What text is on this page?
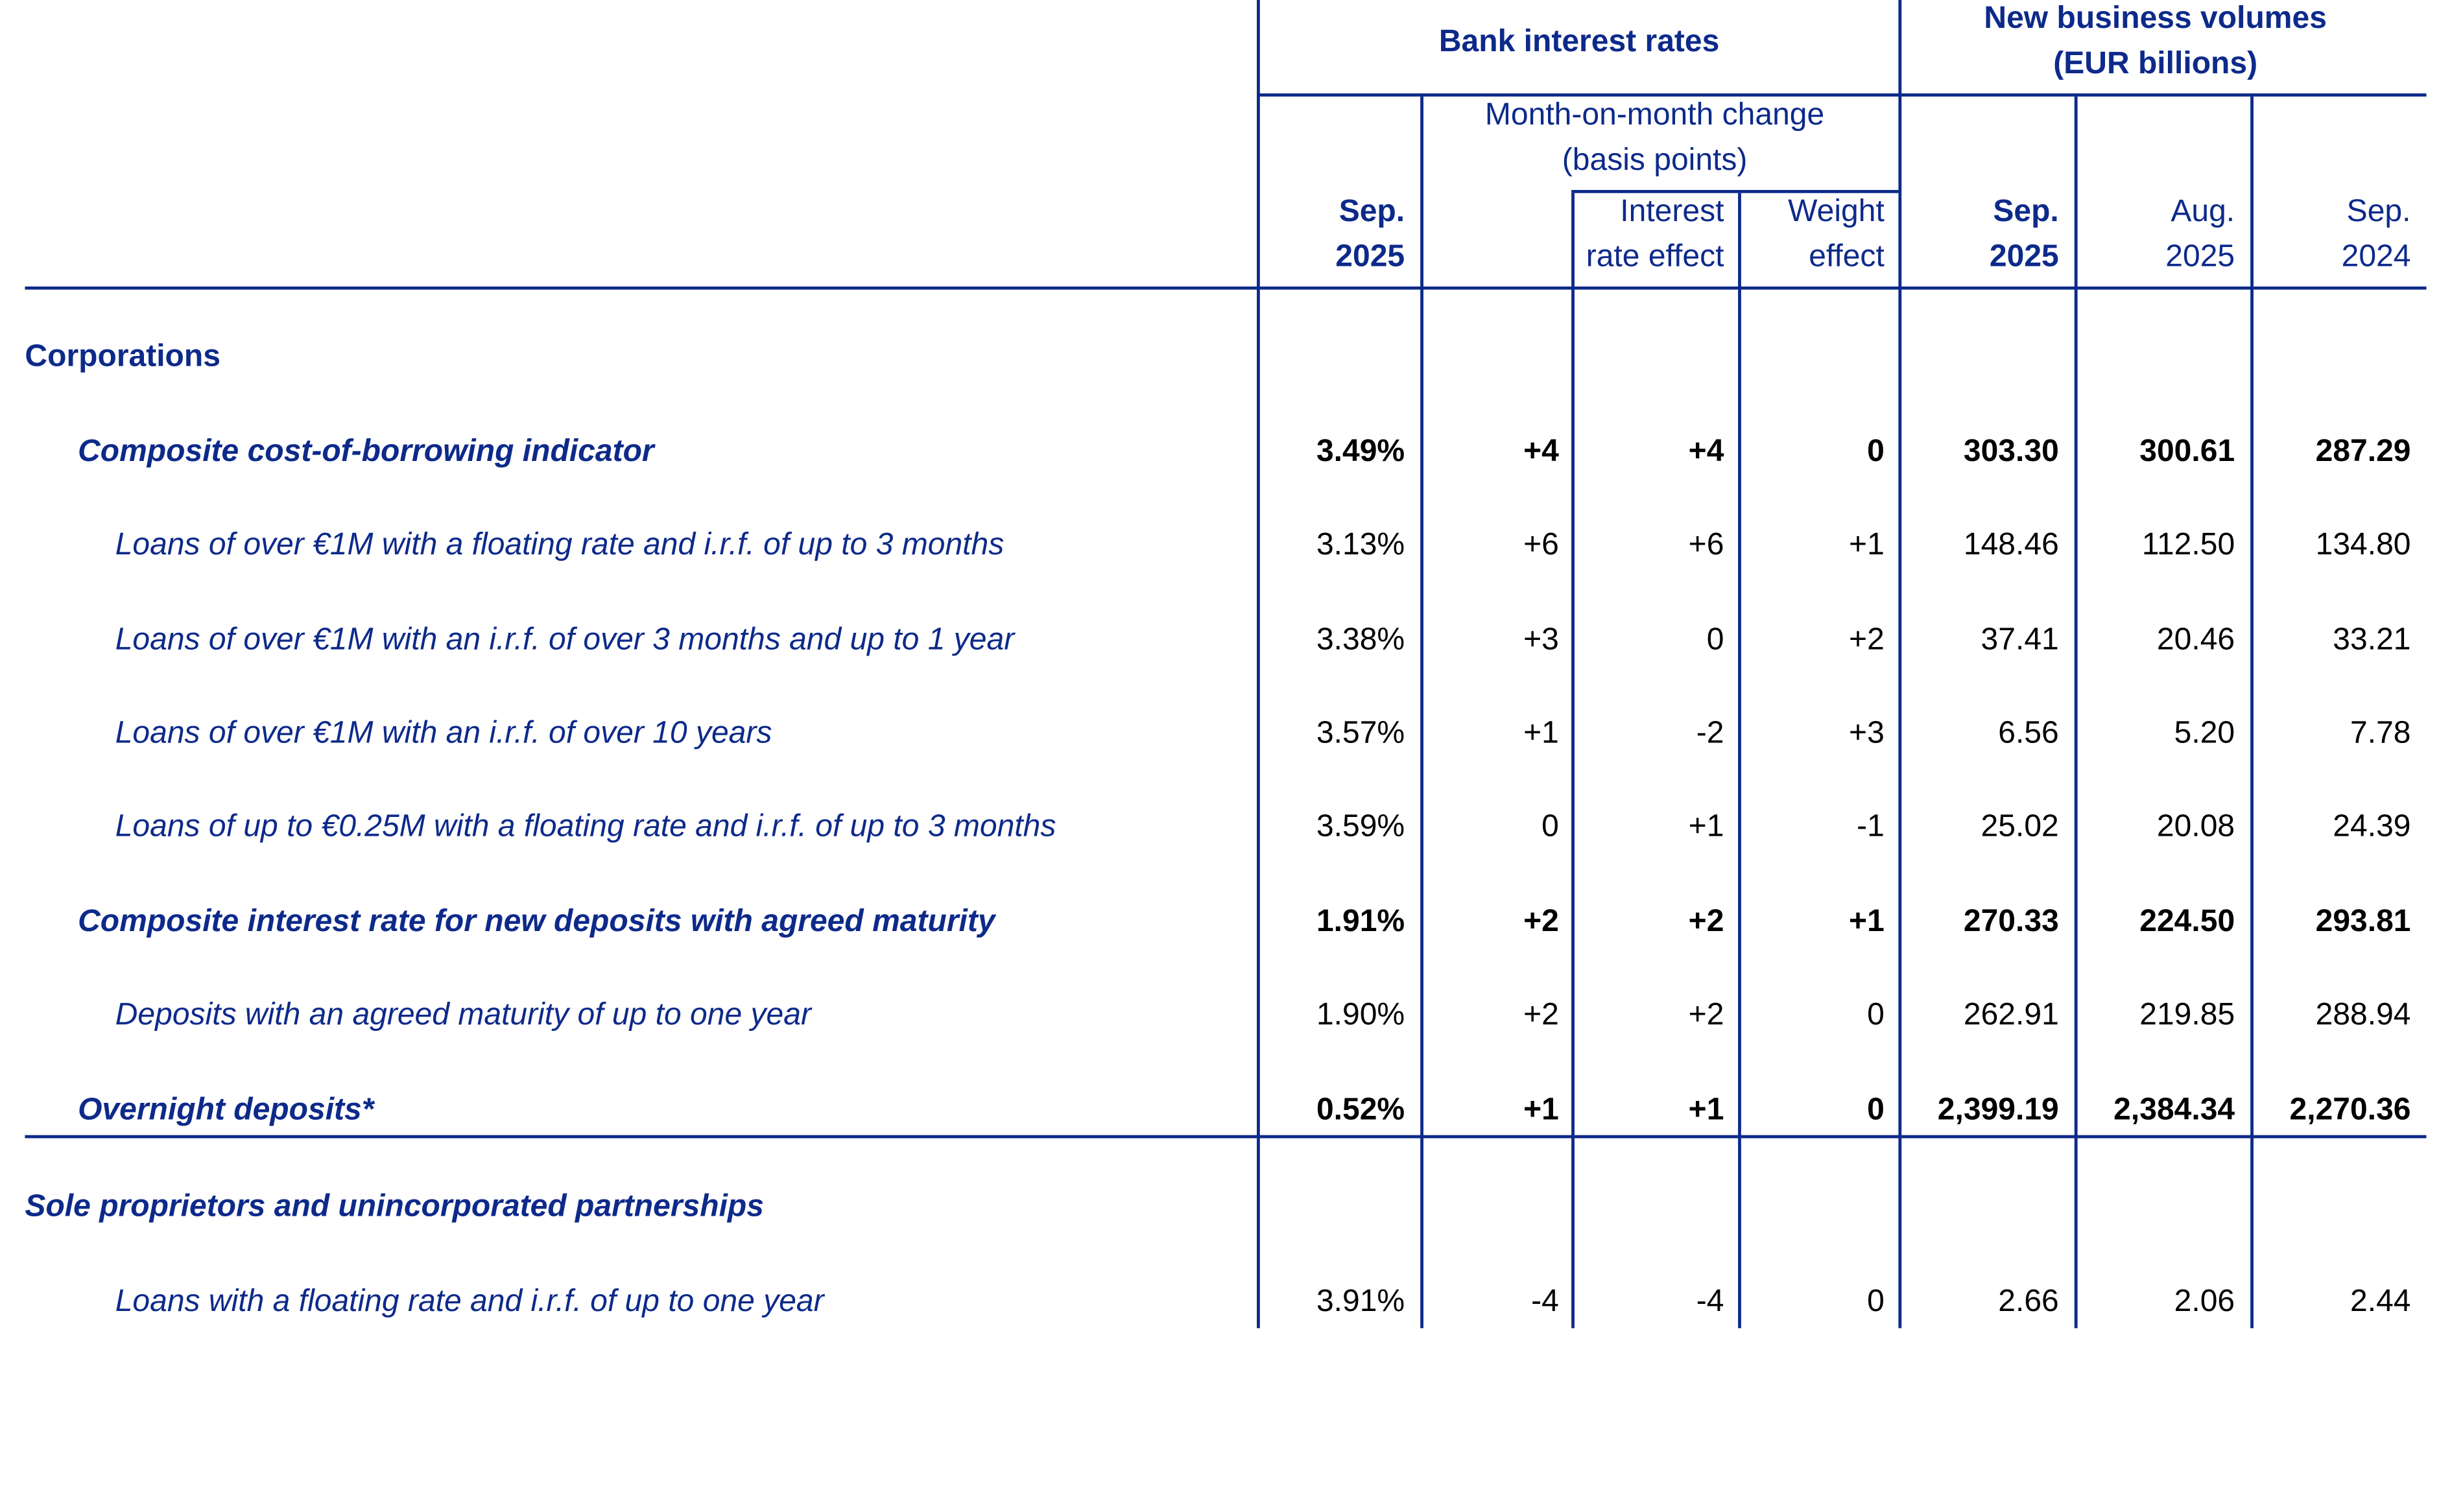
Bank interest rates
New business volumes
(EUR billions)
Month-on-month change
(basis points)
Sep.
2025
Interest
rate effect
Weight
effect
Sep.
2025
Aug.
2025
Sep.
2024
Corporations
Sole proprietors and unincorporated partnerships
Composite cost-of-borrowing indicator	3.49%	+4	+4	0	303.30	300.61	287.29
Loans of over €1M with a floating rate and i.r.f. of up to 3 months	3.13%	+6	+6	+1	148.46	112.50	134.80
Loans of over €1M with an i.r.f. of over 3 months and up to 1 year	3.38%	+3	0	+2	37.41	20.46	33.21
Loans of over €1M with an i.r.f. of over 10 years	3.57%	+1	-2	+3	6.56	5.20	7.78
Loans of up to €0.25M with a floating rate and i.r.f. of up to 3 months	3.59%	0	+1	-1	25.02	20.08	24.39
Composite interest rate for new deposits with agreed maturity	1.91%	+2	+2	+1	270.33	224.50	293.81
Deposits with an agreed maturity of up to one year	1.90%	+2	+2	0	262.91	219.85	288.94
Overnight deposits*	0.52%	+1	+1	0	2,399.19	2,384.34	2,270.36
Loans with a floating rate and i.r.f. of up to one year	3.91%	-4	-4	0	2.66	2.06	2.44
